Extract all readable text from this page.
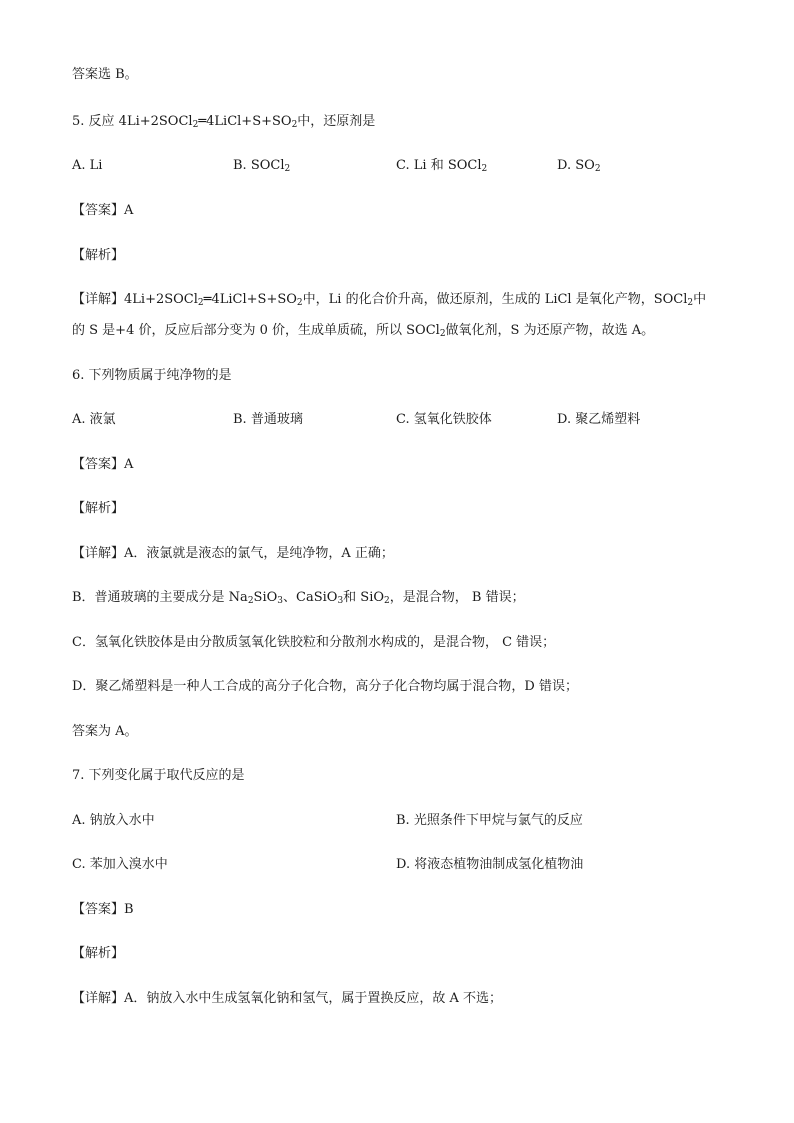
答案选 B。
5. 反应 $4Li+2SOCl_2═4LiCl+S+SO_2$中，还原剂是
A. Li	B. SOCl$_2$	C. Li 和 SOCl$_2$	D. $SO_2$
【答案】A
【解析】
【详解】$4Li+2SOCl_2═4LiCl+S+SO_2$中，Li 的化合价升高，做还原剂，生成的 LiCl 是氧化产物，SOCl$_2$中
的 S 是+4 价，反应后部分变为 0 价，生成单质硫，所以 SOCl$_2$做氧化剂，S 为还原产物，故选 A。
6. 下列物质属于纯净物的是
A. 液氯	B. 普通玻璃	C. 氢氧化铁胶体	D. 聚乙烯塑料
【答案】A
【解析】
【详解】A．液氯就是液态的氯气，是纯净物，A 正确；
B．普通玻璃的主要成分是 $Na_2SiO_3$、CaSiO$_3$和 SiO$_2$，是混合物， B 错误；
C．氢氧化铁胶体是由分散质氢氧化铁胶粒和分散剂水构成的，是混合物， C 错误；
D．聚乙烯塑料是一种人工合成的高分子化合物，高分子化合物均属于混合物，D 错误；
答案为 A。
7. 下列变化属于取代反应的是
A. 钠放入水中	B. 光照条件下甲烷与氯气的反应
C. 苯加入溴水中	D. 将液态植物油制成氢化植物油
【答案】B
【解析】
【详解】A．钠放入水中生成氢氧化钠和氢气，属于置换反应，故 A 不选；
